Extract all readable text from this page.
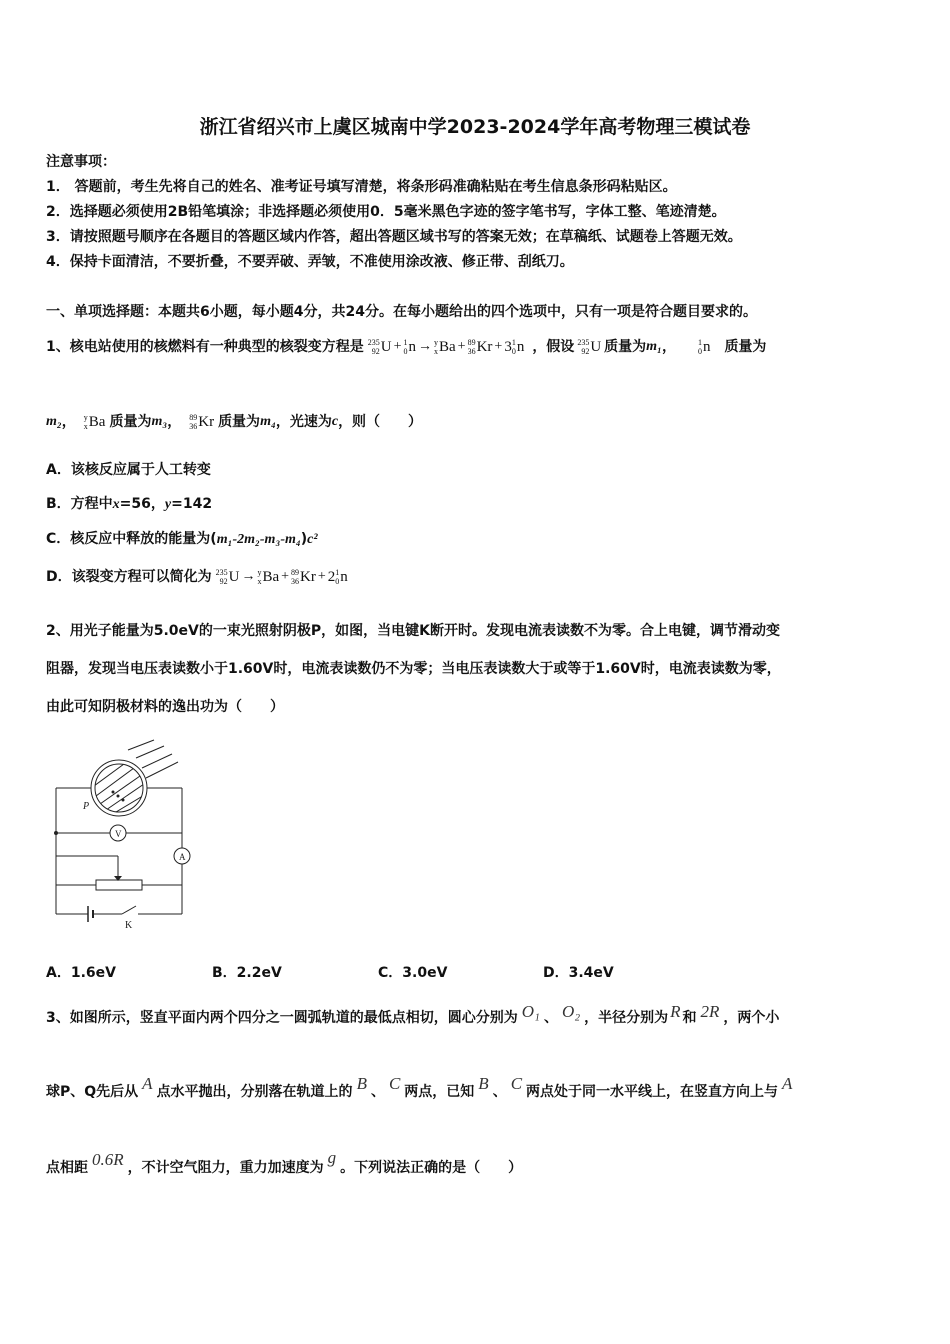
浙江省绍兴市上虞区城南中学2023-2024学年高考物理三模试卷
注意事项：
1． 答题前，考生先将自己的姓名、准考证号填写清楚，将条形码准确粘贴在考生信息条形码粘贴区。
2．选择题必须使用2B铅笔填涂；非选择题必须使用0．5毫米黑色字迹的签字笔书写，字体工整、笔迹清楚。
3．请按照题号顺序在各题目的答题区域内作答，超出答题区域书写的答案无效；在草稿纸、试题卷上答题无效。
4．保持卡面清洁，不要折叠，不要弄破、弄皱，不准使用涂改液、修正带、刮纸刀。
一、单项选择题：本题共6小题，每小题4分，共24分。在每小题给出的四个选项中，只有一项是符合题目要求的。
1、核电站使用的核燃料有一种典型的核裂变方程是 235
92 U + 1
0 n → y
x Ba + 89
36 Kr + 3 1
0 n ，假设 235
92 U 质量为 m₁ ，	1
0 n 质量为
m₂ ， y
x Ba 质量为 m₃ ， 89
36 Kr 质量为 m₄ ，光速为 c ，则（　　）
A．该核反应属于人工转变
B．方程中x=56，y=142
C．核反应中释放的能量为(m₁-2m₂-m₃-m₄)c²
D．该裂变方程可以简化为 235
92 U → y
x Ba + 89
36 Kr + 2 1
0 n
2、用光子能量为5.0eV的一束光照射阴极P，如图，当电键K断开时。发现电流表读数不为零。合上电键，调节滑动变
阻器，发现当电压表读数小于1.60V时，电流表读数仍不为零；当电压表读数大于或等于1.60V时，电流表读数为零，
由此可知阴极材料的逸出功为（　　）
P
V
A
K
A．1.6eV	B．2.2eV	C．3.0eV	D．3.4eV
3、如图所示，竖直平面内两个四分之一圆弧轨道的最低点相切，圆心分别为 O₁ 、 O₂ ，半径分别为 R 和 2R ，两个小
球P、Q先后从 A 点水平抛出，分别落在轨道上的 B 、 C 两点，已知 B 、 C 两点处于同一水平线上，在竖直方向上与 A
点相距 0.6R ，不计空气阻力，重力加速度为
g
。下列说法正确的是（　　）
